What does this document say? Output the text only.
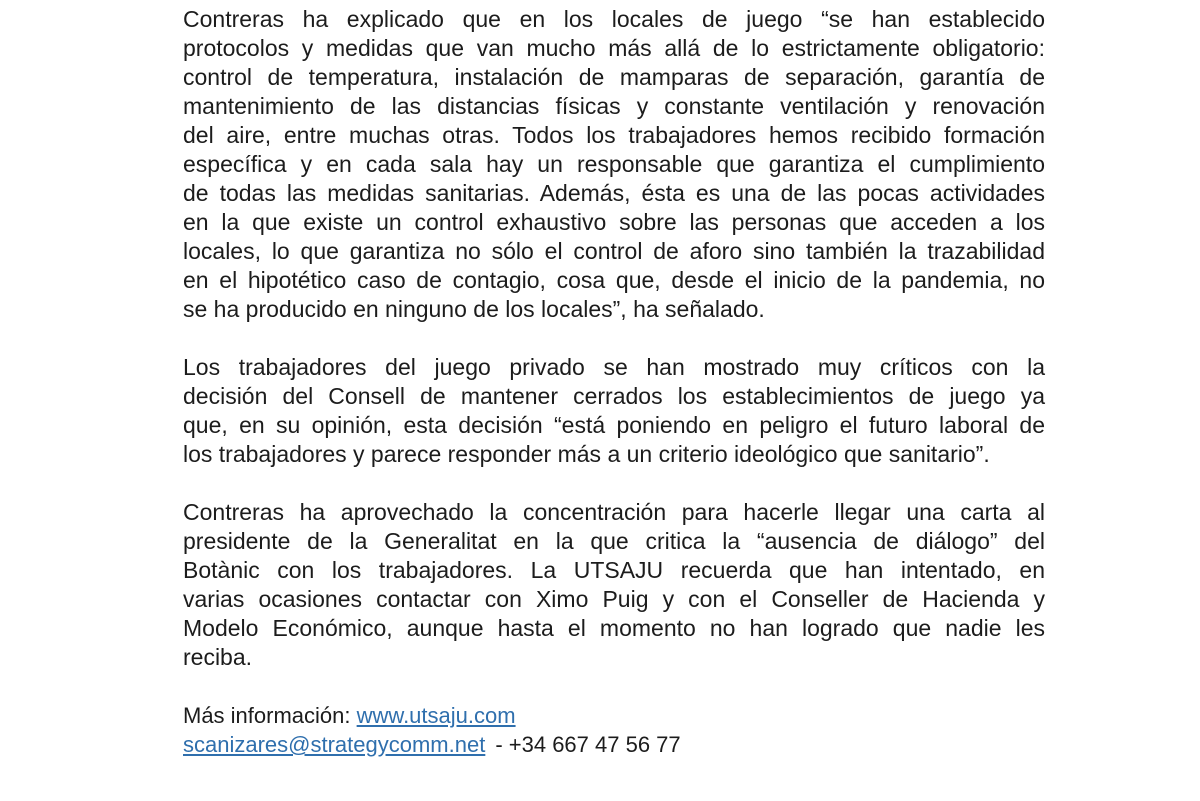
Contreras ha explicado que en los locales de juego “se han establecido
protocolos y medidas que van mucho más allá de lo estrictamente obligatorio:
control de temperatura, instalación de mamparas de separación, garantía de
mantenimiento de las distancias físicas y constante ventilación y renovación
del aire, entre muchas otras. Todos los trabajadores hemos recibido formación
específica y en cada sala hay un responsable que garantiza el cumplimiento
de todas las medidas sanitarias. Además, ésta es una de las pocas actividades
en la que existe un control exhaustivo sobre las personas que acceden a los
locales, lo que garantiza no sólo el control de aforo sino también la trazabilidad
en el hipotético caso de contagio, cosa que, desde el inicio de la pandemia, no
se ha producido en ninguno de los locales”, ha señalado.
Los trabajadores del juego privado se han mostrado muy críticos con la
decisión del Consell de mantener cerrados los establecimientos de juego ya
que, en su opinión, esta decisión “está poniendo en peligro el futuro laboral de
los trabajadores y parece responder más a un criterio ideológico que sanitario”.
Contreras ha aprovechado la concentración para hacerle llegar una carta al
presidente de la Generalitat en la que critica la “ausencia de diálogo” del
Botànic con los trabajadores. La UTSAJU recuerda que han intentado, en
varias ocasiones contactar con Ximo Puig y con el Conseller de Hacienda y
Modelo Económico, aunque hasta el momento no han logrado que nadie les
reciba.
Más información: www.utsaju.com
scanizares@strategycomm.net - +34 667 47 56 77
